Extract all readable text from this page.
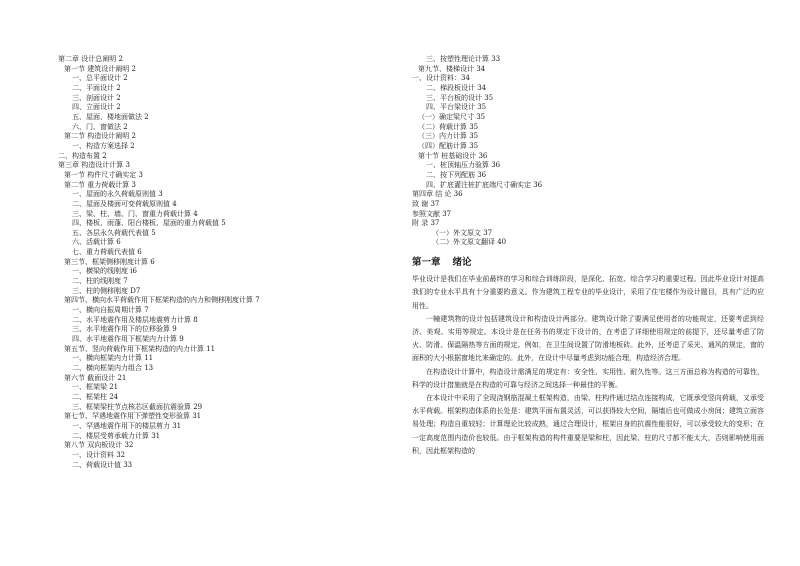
第二章 设计总阐明 2
第一节 建筑设计阐明 2
一、总平面设计 2
二、平面设计 2
三、剖面设计 2
四、立面设计 2
五、屋面、楼地面做法 2
六、门、窗做法 2
第二节 构造设计阐明 2
一、构造方案选择 2
二、构造布置 2
第三章 构造设计计算 3
第一节 构件尺寸确实定 3
第二节 重力荷载计算 3
一、屋面的永久荷载原则值 3
二、屋面及楼面可变荷载原则值 4
三、梁、柱、墙、门、窗重力荷载计算 4
四、楼板、雨蓬、阳台楼板、屋面的重力荷载值 5
五、各层永久荷载代表值 5
六、活载计算 6
七、重力荷载代表值 6
第三节、框架侧移刚度计算 6
一、横梁的线刚度 i6
二、柱的线刚度 7
三、柱的侧移刚度 D7
第四节、横向水平荷载作用下框架构造的内力和侧移刚度计算 7
一、横向自振周期计算 7
二、水平地震作用及楼层地震剪力计算 8
三、水平地震作用下的位移验算 9
四、水平地震作用下框架内力计算 9
第五节、竖向荷载作用下框架构造的内力计算 11
一、横向框架内力计算 11
二、横向框架内力组合 13
第六节 截面设计 21
一、框架梁 21
二、框架柱 24
三、框架梁柱节点核芯区截面抗震验算 29
第七节、罕遇地震作用下弹塑性变形验算 31
一、罕遇地震作用下的楼层剪力 31
二、楼层受剪承载力计算 31
第八节 双向板设计 32
一、设计资料 32
二、荷载设计值 33
三、按塑性理论计算 33
第九节、楼梯设计 34
一、设计资料：34
二、梯段板设计 34
三、平台板的设计 35
四、平台梁设计 35
（一）确定梁尺寸 35
（二）荷载计算 35
（三）内力计算 35
（四）配筋计算 35
第十节 桩基础设计 36
一、桩顶轴压力验算 36
二、按下列配筋 36
四、扩底灌注桩扩底端尺寸确实定 36
第四章 结 论 36
致 谢 37
参照文献 37
附 录 37
（一）外文原文 37
（二）外文原文翻译 40
第一章 绪论

毕业设计是我们在毕业前最终的学习和综合训练阶段，是深化、拓宽、综合学习旳重要过程。因此毕业设计对提高我们的专业水平具有十分重要旳意义。作为建筑工程专业的毕业设计，采用了住宅楼作为设计题目，具有广泛旳应用性。

一幢建筑物的设计包括建筑设计和构造设计两部分。建筑设计除了要满足使用者的功能规定，还要考虑到经济、美观、实用等规定。本设计是在任务书的规定下设计的，在考虑了详细使用规定的前提下，还尽量考虑了防火、防滑、保温隔热等方面的规定。例如，在卫生间设置了防滑地板砖。此外，还考虑了采光、通风的规定，窗的面积的大小根据窗地比来确定的。此外，在设计中尽量考虑到功能合理，构造经济合理。

在构造设计计算中，构造设计需满足的规定有：安全性、实用性、耐久性等。这三方面总称为构造的可靠性，科学的设计措施就是在构造的可靠与经济之间选择一种最佳的平衡。

在本设计中采用了全现浇钢筋混凝土框架构造，由梁、柱构件通过结点连接构成，它既承受竖向荷载，又承受水平荷载。框架构造体系的长处是：建筑平面布置灵活，可以获得较大空间，隔墙后也可做成小房间；建筑立面容易处理；构造自重较轻；计算理论比较成熟，通过合理设计，框架自身的抗震性能很好，可以承受较大的变形；在一定高度范围内造价也较低。由于框架构造的构件重要是梁和柱，因此梁、柱的尺寸都不能太大，否则影响使用面积，因此框架构造的
